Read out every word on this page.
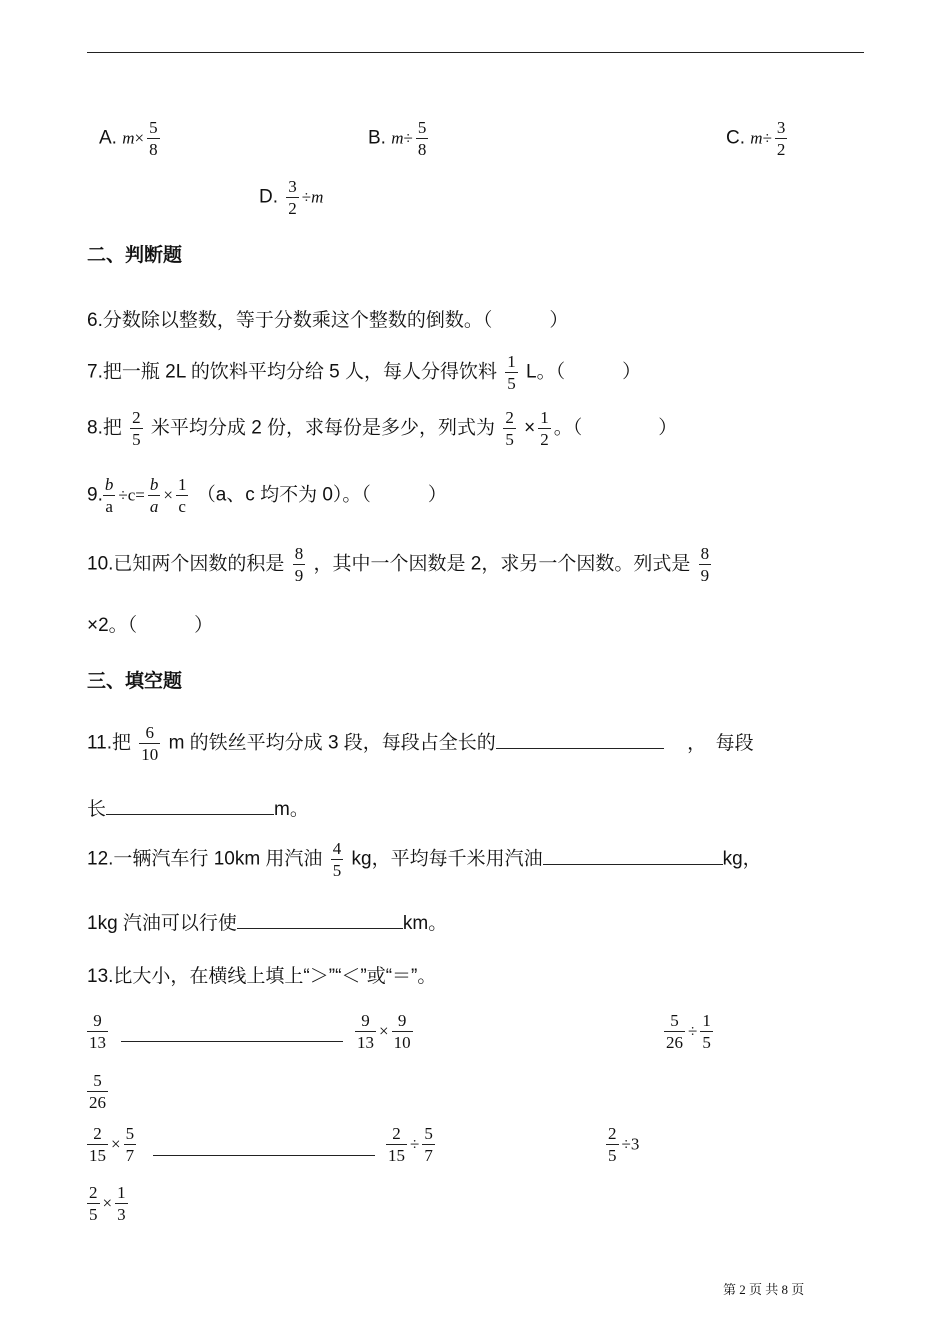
A. $m\times \frac{5}{8}$	B. $m\div \frac{5}{8}$	C. $m\div \frac{3}{2}$
D. $\frac{3}{2} \div m$
二、判断题
6.分数除以整数，等于分数乘这个整数的倒数。（　　　）
7.把一瓶 2L 的饮料平均分给 5 人，每人分得饮料 $\frac{1}{5}$ L。（　　　）
8.把 $\frac{2}{5}$ 米平均分成 2 份，求每份是多少，列式为 $\frac{2}{5} \times \frac{1}{2}$ 。（　　　　）
9. $\frac{b}{a} \div c= \frac{b}{a} \times \frac{1}{c} (a$、c 均不为 0）。（　　　）
10.已知两个因数的积是 $\frac{8}{9}$ ，其中一个因数是 2，求另一个因数。列式是 $\frac{8}{9}$
×2。（　　　）
三、填空题
11.把 $\frac{6}{10}$ m 的铁丝平均分成 3 段，每段占全长的	，　每段
长	m。
12.一辆汽车行 10km 用汽油 $\frac{4}{5}$ kg，平均每千米用汽油	kg，
1kg 汽油可以行使	km。
13.比大小，在横线上填上“＞”“＜”或“＝”。
$\frac{9}{13}$	$\frac{9}{13} \times \frac{9}{10}$	$\frac{5}{26} \div \frac{1}{5}$
$\frac{5}{26}$
$\frac{2}{15} \times \frac{5}{7}$	$\frac{2}{15} \div \frac{5}{7}$	$\frac{2}{5} \div 3$
$\frac{2}{5} \times \frac{1}{3}$
第 2 页 共 8 页
